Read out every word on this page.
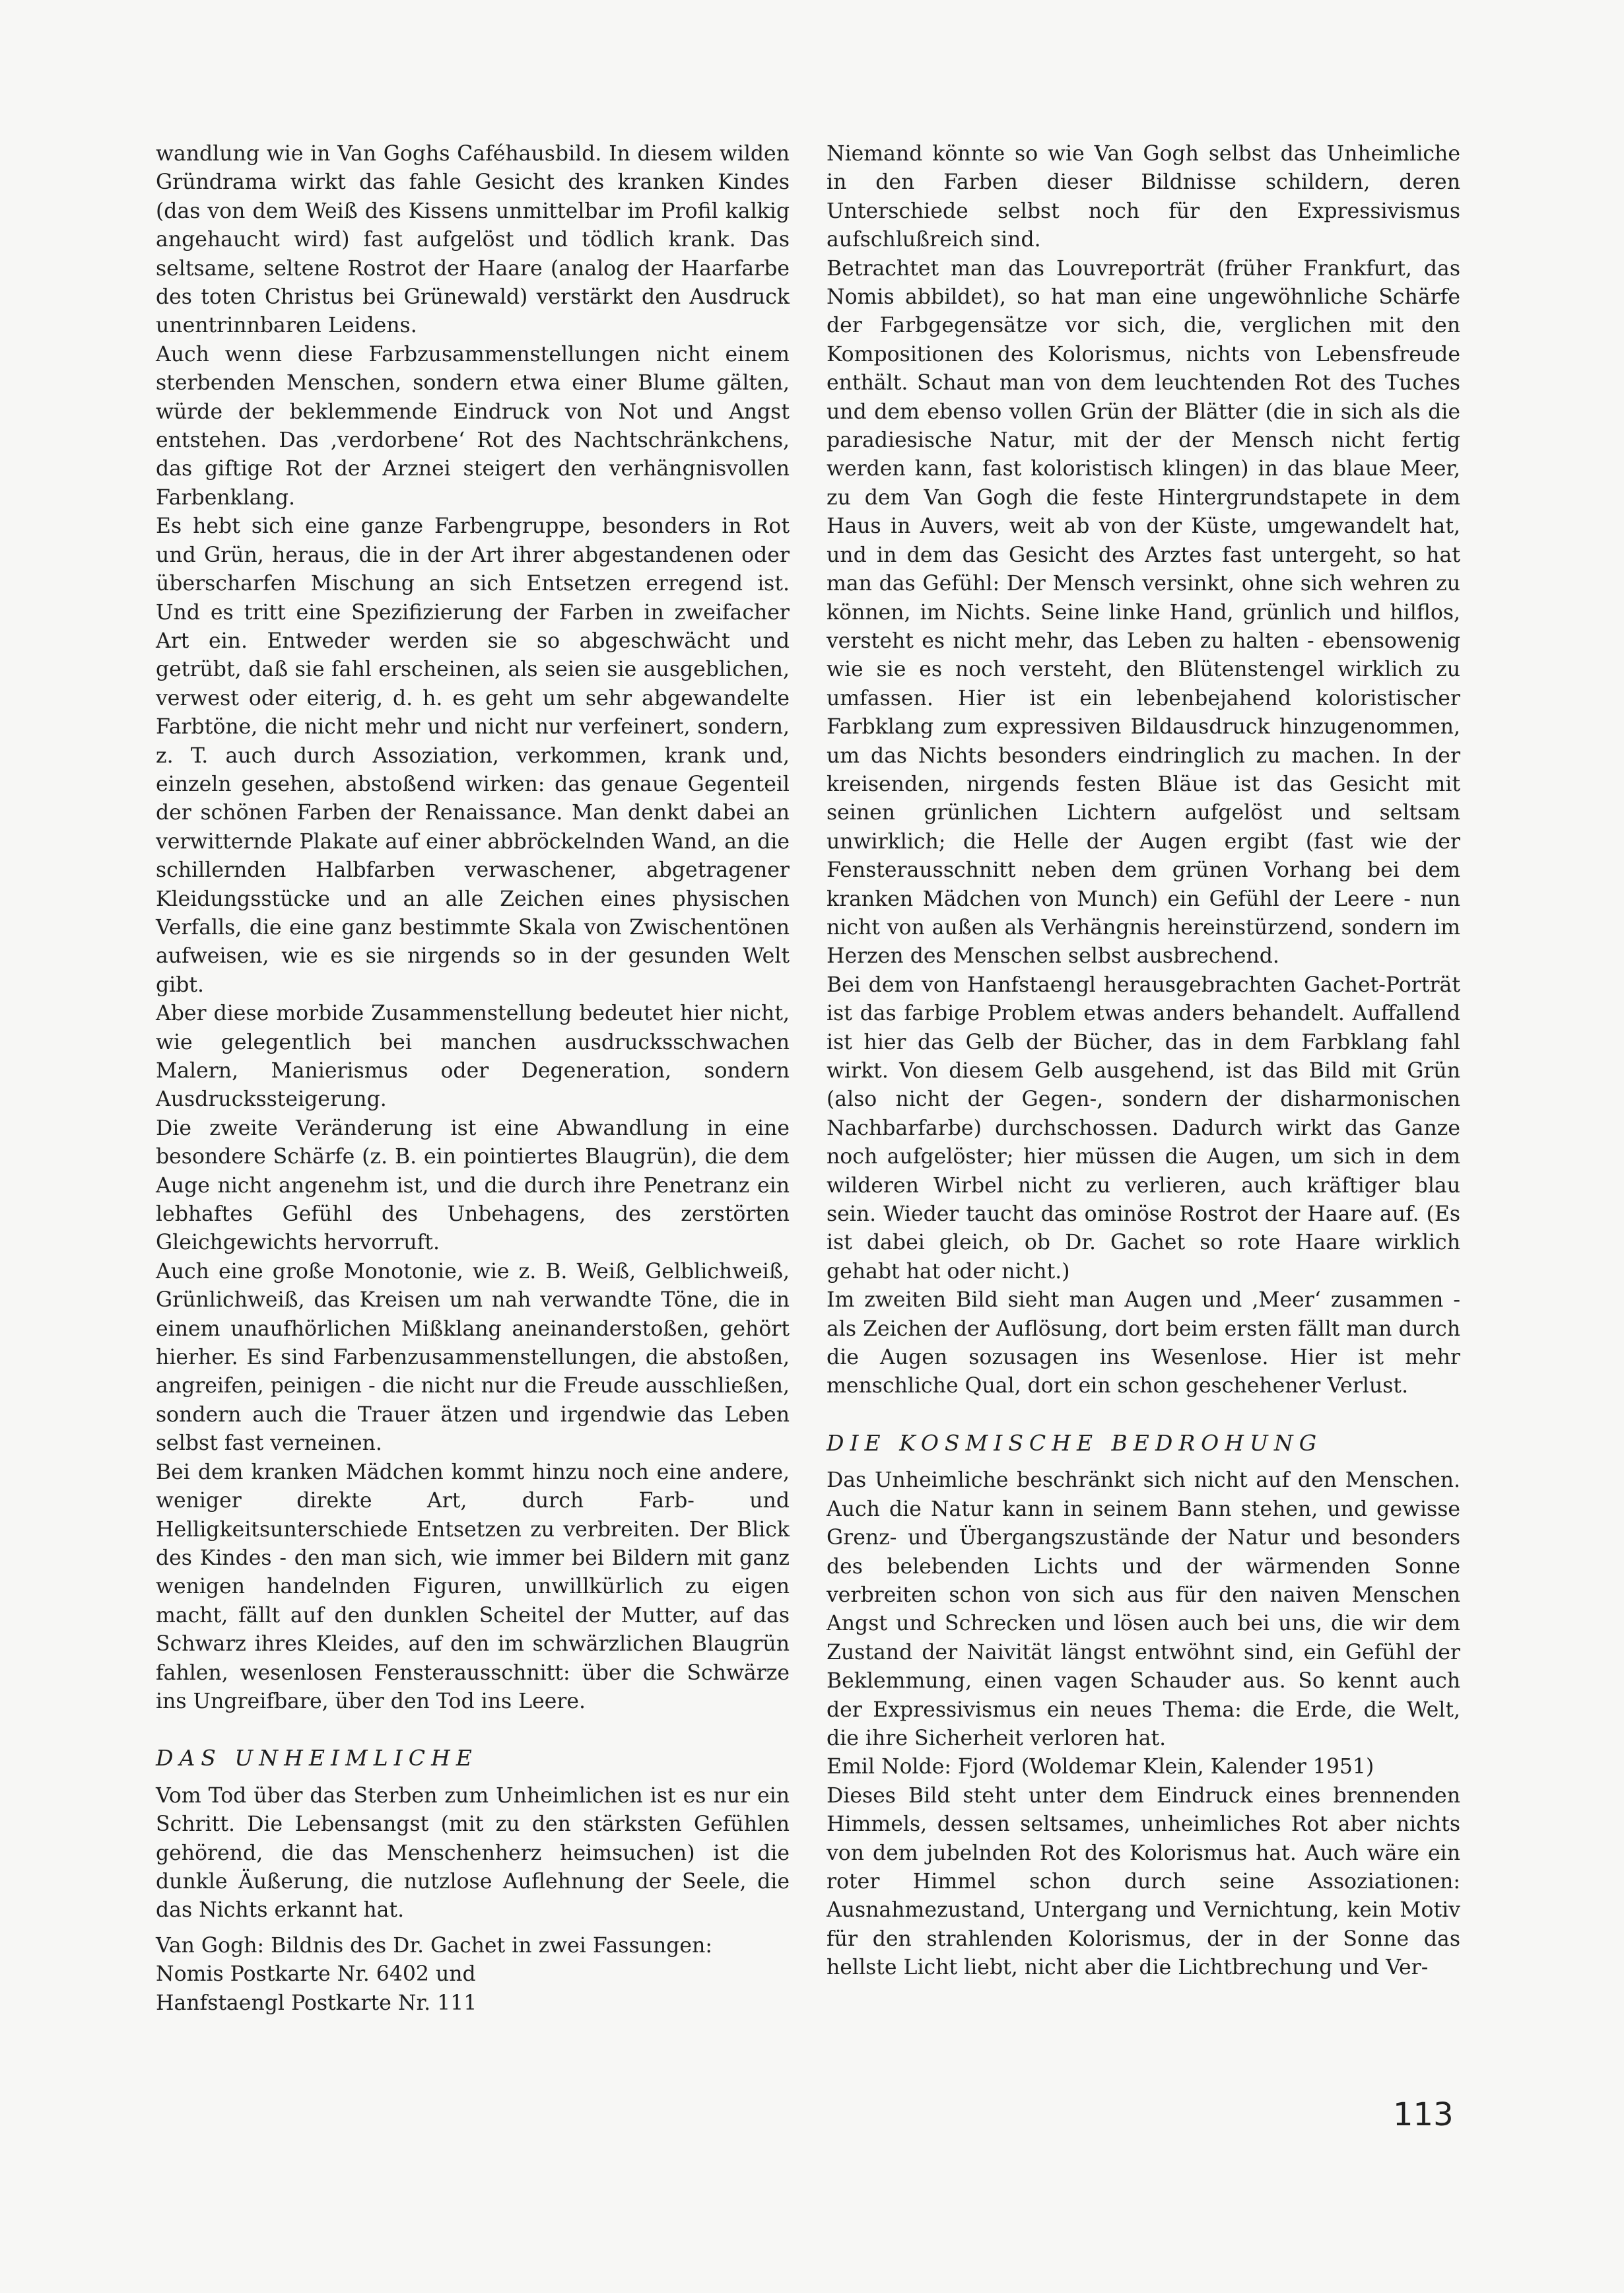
wandlung wie in Van Goghs Caféhausbild. In diesem wilden Gründrama wirkt das fahle Gesicht des kranken Kindes (das von dem Weiß des Kissens unmittelbar im Profil kalkig angehaucht wird) fast aufgelöst und tödlich krank. Das seltsame, seltene Rostrot der Haare (analog der Haarfarbe des toten Christus bei Grünewald) verstärkt den Ausdruck unentrinnbaren Leidens.

Auch wenn diese Farbzusammenstellungen nicht einem sterbenden Menschen, sondern etwa einer Blume gälten, würde der beklemmende Eindruck von Not und Angst entstehen. Das ‚verdorbene‘ Rot des Nachtschränkchens, das giftige Rot der Arznei steigert den verhängnisvollen Farbenklang.

Es hebt sich eine ganze Farbengruppe, besonders in Rot und Grün, heraus, die in der Art ihrer abgestandenen oder überscharfen Mischung an sich Entsetzen erregend ist. Und es tritt eine Spezifizierung der Farben in zweifacher Art ein. Entweder werden sie so abgeschwächt und getrübt, daß sie fahl erscheinen, als seien sie ausgeblichen, verwest oder eiterig, d. h. es geht um sehr abgewandelte Farbtöne, die nicht mehr und nicht nur verfeinert, sondern, z. T. auch durch Assoziation, verkommen, krank und, einzeln gesehen, abstoßend wirken: das genaue Gegenteil der schönen Farben der Renaissance. Man denkt dabei an verwitternde Plakate auf einer abbröckelnden Wand, an die schillernden Halbfarben verwaschener, abgetragener Kleidungsstücke und an alle Zeichen eines physischen Verfalls, die eine ganz bestimmte Skala von Zwischentönen aufweisen, wie es sie nirgends so in der gesunden Welt gibt.

Aber diese morbide Zusammenstellung bedeutet hier nicht, wie gelegentlich bei manchen ausdrucksschwachen Malern, Manierismus oder Degeneration, sondern Ausdruckssteigerung.

Die zweite Veränderung ist eine Abwandlung in eine besondere Schärfe (z. B. ein pointiertes Blaugrün), die dem Auge nicht angenehm ist, und die durch ihre Penetranz ein lebhaftes Gefühl des Unbehagens, des zerstörten Gleichgewichts hervorruft.

Auch eine große Monotonie, wie z. B. Weiß, Gelblichweiß, Grünlichweiß, das Kreisen um nah verwandte Töne, die in einem unaufhörlichen Mißklang aneinanderstoßen, gehört hierher. Es sind Farbenzusammenstellungen, die abstoßen, angreifen, peinigen - die nicht nur die Freude ausschließen, sondern auch die Trauer ätzen und irgendwie das Leben selbst fast verneinen.

Bei dem kranken Mädchen kommt hinzu noch eine andere, weniger direkte Art, durch Farb- und Helligkeitsunterschiede Entsetzen zu verbreiten. Der Blick des Kindes - den man sich, wie immer bei Bildern mit ganz wenigen handelnden Figuren, unwillkürlich zu eigen macht, fällt auf den dunklen Scheitel der Mutter, auf das Schwarz ihres Kleides, auf den im schwärzlichen Blaugrün fahlen, wesenlosen Fensterausschnitt: über die Schwärze ins Ungreifbare, über den Tod ins Leere.

DAS UNHEIMLICHE

Vom Tod über das Sterben zum Unheimlichen ist es nur ein Schritt. Die Lebensangst (mit zu den stärksten Gefühlen gehörend, die das Menschenherz heimsuchen) ist die dunkle Äußerung, die nutzlose Auflehnung der Seele, die das Nichts erkannt hat.

Van Gogh: Bildnis des Dr. Gachet in zwei Fassungen:
Nomis Postkarte Nr. 6402 und
Hanfstaengl Postkarte Nr. 111

Niemand könnte so wie Van Gogh selbst das Unheimliche in den Farben dieser Bildnisse schildern, deren Unterschiede selbst noch für den Expressivismus aufschlußreich sind.

Betrachtet man das Louvreporträt (früher Frankfurt, das Nomis abbildet), so hat man eine ungewöhnliche Schärfe der Farbgegensätze vor sich, die, verglichen mit den Kompositionen des Kolorismus, nichts von Lebensfreude enthält. Schaut man von dem leuchtenden Rot des Tuches und dem ebenso vollen Grün der Blätter (die in sich als die paradiesische Natur, mit der der Mensch nicht fertig werden kann, fast koloristisch klingen) in das blaue Meer, zu dem Van Gogh die feste Hintergrundstapete in dem Haus in Auvers, weit ab von der Küste, umgewandelt hat, und in dem das Gesicht des Arztes fast untergeht, so hat man das Gefühl: Der Mensch versinkt, ohne sich wehren zu können, im Nichts. Seine linke Hand, grünlich und hilflos, versteht es nicht mehr, das Leben zu halten - ebensowenig wie sie es noch versteht, den Blütenstengel wirklich zu umfassen. Hier ist ein lebenbejahend koloristischer Farbklang zum expressiven Bildausdruck hinzugenommen, um das Nichts besonders eindringlich zu machen. In der kreisenden, nirgends festen Bläue ist das Gesicht mit seinen grünlichen Lichtern aufgelöst und seltsam unwirklich; die Helle der Augen ergibt (fast wie der Fensterausschnitt neben dem grünen Vorhang bei dem kranken Mädchen von Munch) ein Gefühl der Leere - nun nicht von außen als Verhängnis hereinstürzend, sondern im Herzen des Menschen selbst ausbrechend.

Bei dem von Hanfstaengl herausgebrachten Gachet-Porträt ist das farbige Problem etwas anders behandelt. Auffallend ist hier das Gelb der Bücher, das in dem Farbklang fahl wirkt. Von diesem Gelb ausgehend, ist das Bild mit Grün (also nicht der Gegen-, sondern der disharmonischen Nachbarfarbe) durchschossen. Dadurch wirkt das Ganze noch aufgelöster; hier müssen die Augen, um sich in dem wilderen Wirbel nicht zu verlieren, auch kräftiger blau sein. Wieder taucht das ominöse Rostrot der Haare auf. (Es ist dabei gleich, ob Dr. Gachet so rote Haare wirklich gehabt hat oder nicht.)

Im zweiten Bild sieht man Augen und ‚Meer‘ zusammen - als Zeichen der Auflösung, dort beim ersten fällt man durch die Augen sozusagen ins Wesenlose. Hier ist mehr menschliche Qual, dort ein schon geschehener Verlust.

DIE KOSMISCHE BEDROHUNG

Das Unheimliche beschränkt sich nicht auf den Menschen. Auch die Natur kann in seinem Bann stehen, und gewisse Grenz- und Übergangszustände der Natur und besonders des belebenden Lichts und der wärmenden Sonne verbreiten schon von sich aus für den naiven Menschen Angst und Schrecken und lösen auch bei uns, die wir dem Zustand der Naivität längst entwöhnt sind, ein Gefühl der Beklemmung, einen vagen Schauder aus. So kennt auch der Expressivismus ein neues Thema: die Erde, die Welt, die ihre Sicherheit verloren hat.

Emil Nolde: Fjord (Woldemar Klein, Kalender 1951)

Dieses Bild steht unter dem Eindruck eines brennenden Himmels, dessen seltsames, unheimliches Rot aber nichts von dem jubelnden Rot des Kolorismus hat. Auch wäre ein roter Himmel schon durch seine Assoziationen: Ausnahmezustand, Untergang und Vernichtung, kein Motiv für den strahlenden Kolorismus, der in der Sonne das hellste Licht liebt, nicht aber die Lichtbrechung und Ver-

113
